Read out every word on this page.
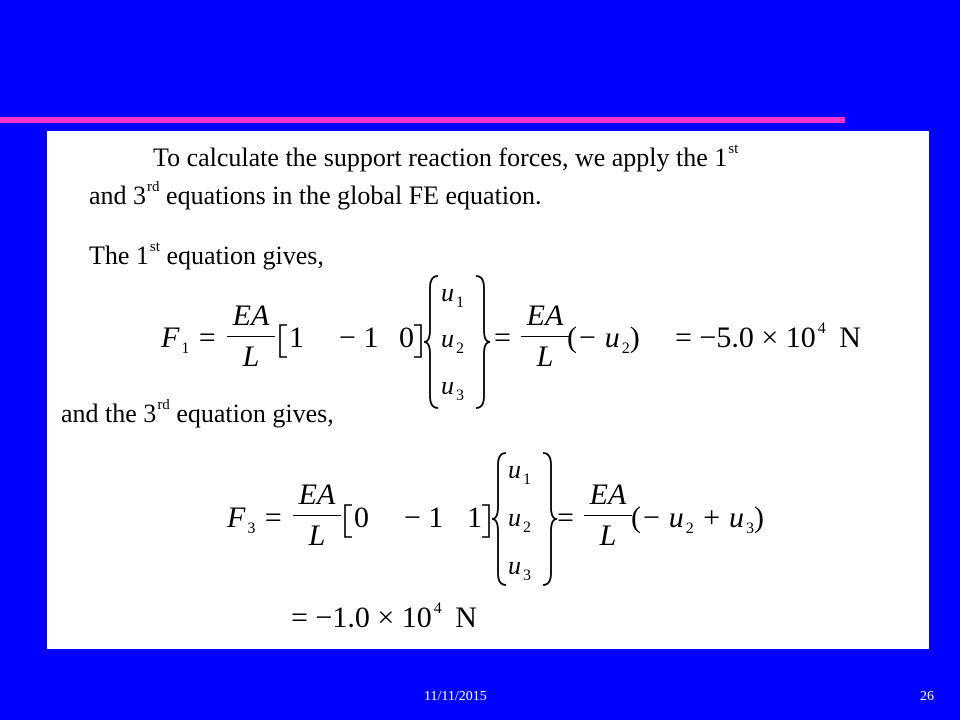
To calculate the support reaction forces, we apply the 1st
and 3rd equations in the global FE equation.
The 1st equation gives,
F $_1$ =
EA
L
1 − 1 0
u $_1$
u $_2$
u $_3$
=
EA
L
(− u $_2$) = −5.0 × 10 $^4$ N
and the 3rd equation gives,
F $_3$ =
EA
L
0 − 1 1
u $_1$
u $_2$
u $_3$
=
EA
L
(− u $_2$ + u $_3$)
= −1.0 × 10 $^4$ N
11/11/2015	26
